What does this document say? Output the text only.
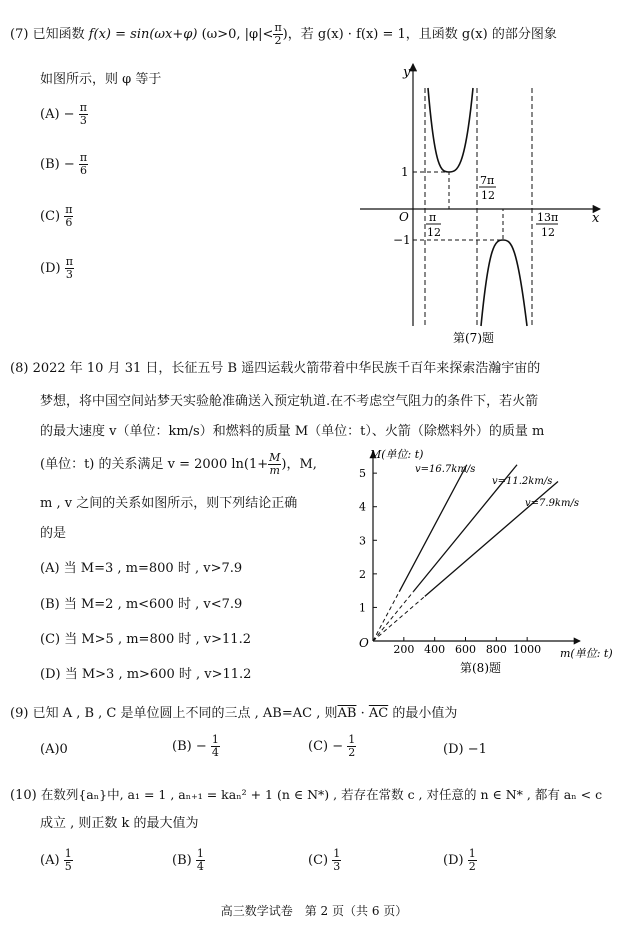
(7) 已知函数 f(x) = sin(ωx+φ) (ω>0, $|\varphi|< \frac{\pi}{2}$ )，若 g(x) · f(x) = 1，且函数 g(x) 的部分图象
如图所示，则 φ 等于
$(A) - \frac{\pi}{3}$
$(B) - \frac{\pi}{6}$
$(C) \frac{\pi}{6}$
$(D) \frac{\pi}{3}$
y
x
O
1
−1
π
12
7π
12
13π
12
第(7)题
(8) 2022 年 10 月 31 日，长征五号 B 遥四运载火箭带着中华民族千百年来探索浩瀚宇宙的
梦想，将中国空间站梦天实验舱准确送入预定轨道.在不考虑空气阻力的条件下，若火箭
的最大速度 v（单位：km/s）和燃料的质量 M（单位：t）、火箭（除燃料外）的质量 m
(单位：t) 的关系满足 v = 2000 $\ln(1+ \frac{M}{m}$ )，M,
m , v 之间的关系如图所示，则下列结论正确
的是
(A) 当 M=3 , m=800 时 , v>7.9
(B) 当 M=2 , m<600 时 , v<7.9
(C) 当 M>5 , m=800 时 , v>11.2
(D) 当 M>3 , m>600 时 , v>11.2
M(单位: t)
m(单位: t)
O 200 400 600 800 1000
1
2
3
4
5	v=16.7km/s
v=11.2km/s
v=7.9km/s
第(8)题
(9) 已知 A , B , C 是单位圆上不同的三点 , AB=AC , 则$\overline{AB} \cdot \overline{AC}$ 的最小值为
(A)0	$(B) - \frac{1}{4}$	$(C) - \frac{1}{2}$	(D) −1
(10) 在数列{aₙ}中, a₁ = 1 , aₙ₊₁ = kaₙ² + 1 (n ∈ N*) , 若存在常数 c , 对任意的 n ∈ N* , 都有 aₙ < c
成立 , 则正数 k 的最大值为
$(A) \frac{1}{5}$	$(B) \frac{1}{4}$	$(C) \frac{1}{3}$	$(D) \frac{1}{2}$
高三数学试卷　第 2 页（共 6 页）
